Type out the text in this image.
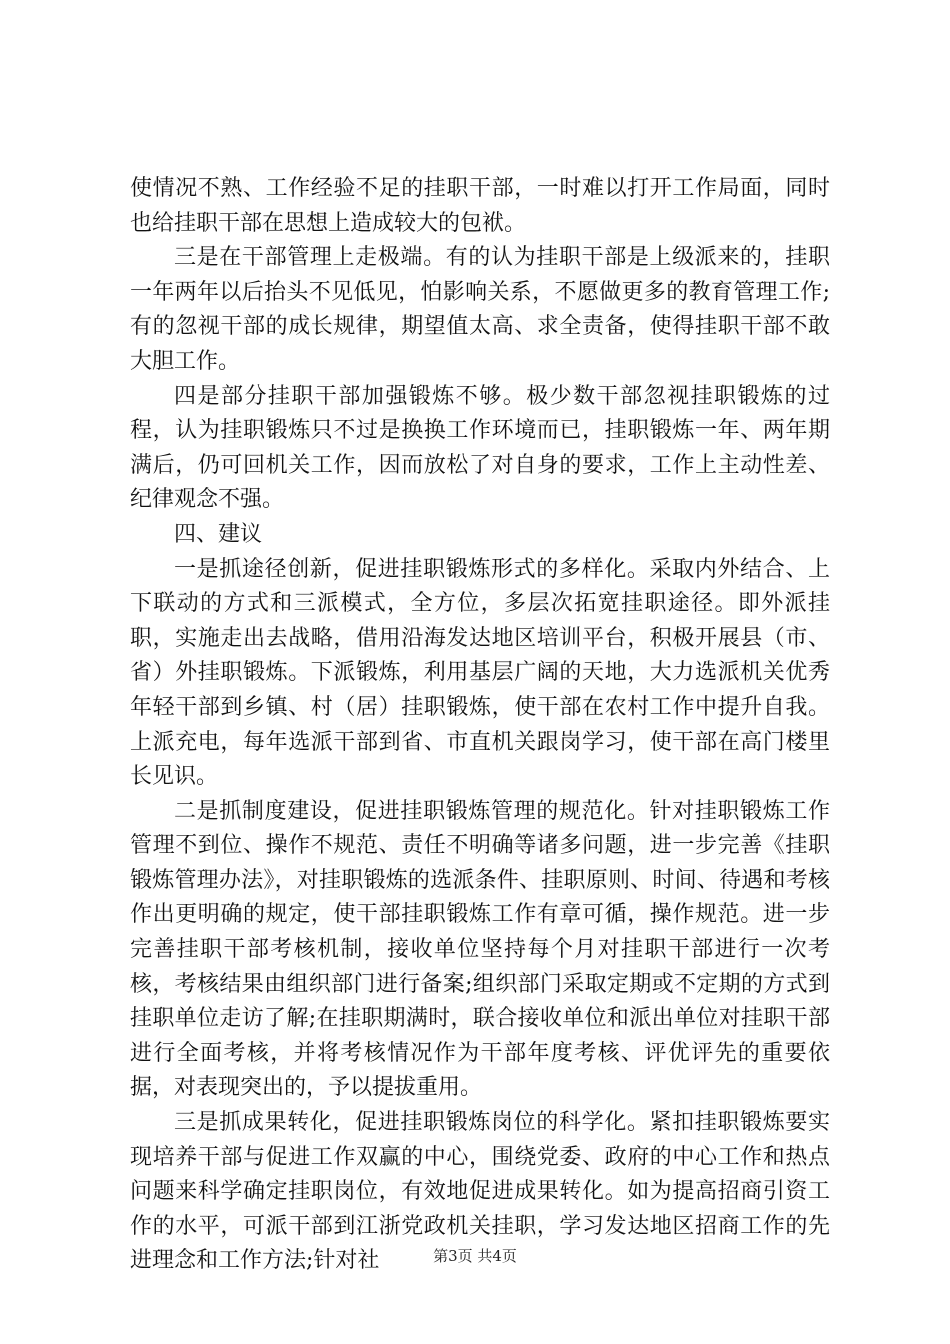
使情况不熟、工作经验不足的挂职干部，一时难以打开工作局面，同时也给挂职干部在思想上造成较大的包袱。

三是在干部管理上走极端。有的认为挂职干部是上级派来的，挂职一年两年以后抬头不见低见，怕影响关系，不愿做更多的教育管理工作;有的忽视干部的成长规律，期望值太高、求全责备，使得挂职干部不敢大胆工作。

四是部分挂职干部加强锻炼不够。极少数干部忽视挂职锻炼的过程，认为挂职锻炼只不过是换换工作环境而已，挂职锻炼一年、两年期满后，仍可回机关工作，因而放松了对自身的要求，工作上主动性差、纪律观念不强。

四、建议

一是抓途径创新，促进挂职锻炼形式的多样化。采取内外结合、上下联动的方式和三派模式，全方位，多层次拓宽挂职途径。即外派挂职，实施走出去战略，借用沿海发达地区培训平台，积极开展县（市、省）外挂职锻炼。下派锻炼，利用基层广阔的天地，大力选派机关优秀年轻干部到乡镇、村（居）挂职锻炼，使干部在农村工作中提升自我。上派充电，每年选派干部到省、市直机关跟岗学习，使干部在高门楼里长见识。

二是抓制度建设，促进挂职锻炼管理的规范化。针对挂职锻炼工作管理不到位、操作不规范、责任不明确等诸多问题，进一步完善《挂职锻炼管理办法》，对挂职锻炼的选派条件、挂职原则、时间、待遇和考核作出更明确的规定，使干部挂职锻炼工作有章可循，操作规范。进一步完善挂职干部考核机制，接收单位坚持每个月对挂职干部进行一次考核，考核结果由组织部门进行备案;组织部门采取定期或不定期的方式到挂职单位走访了解;在挂职期满时，联合接收单位和派出单位对挂职干部进行全面考核，并将考核情况作为干部年度考核、评优评先的重要依据，对表现突出的，予以提拔重用。

三是抓成果转化，促进挂职锻炼岗位的科学化。紧扣挂职锻炼要实现培养干部与促进工作双赢的中心，围绕党委、政府的中心工作和热点问题来科学确定挂职岗位，有效地促进成果转化。如为提高招商引资工作的水平，可派干部到江浙党政机关挂职，学习发达地区招商工作的先进理念和工作方法;针对社	第3页 共4页
